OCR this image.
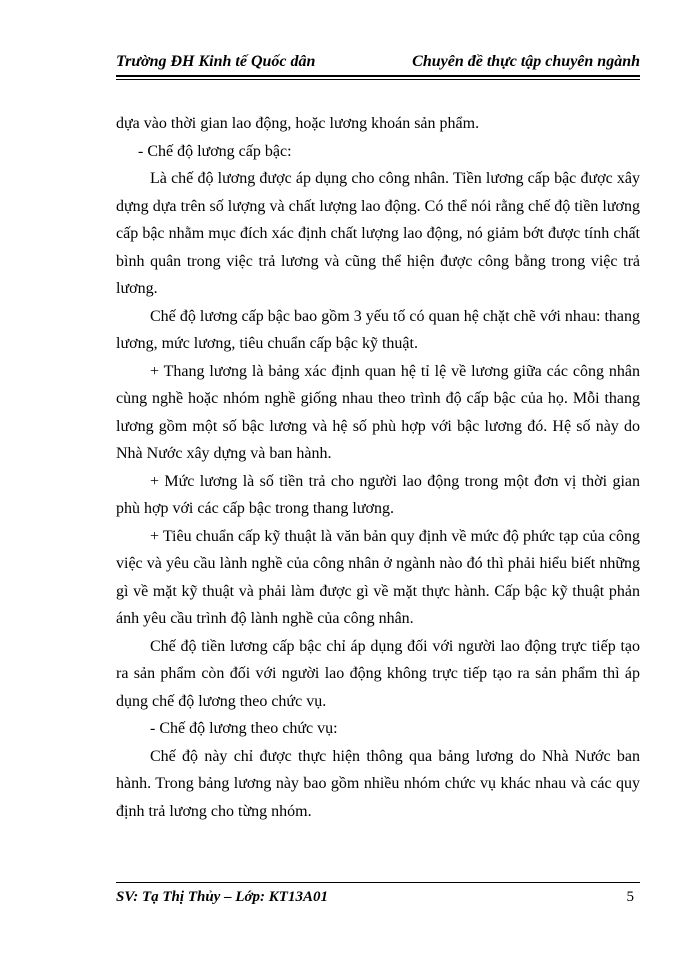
Trường ĐH Kinh tế Quốc dân	Chuyên đề thực tập chuyên ngành

dựa vào thời gian lao động, hoặc lương khoán sản phẩm.

- Chế độ lương cấp bậc:

Là chế độ lương được áp dụng cho công nhân. Tiền lương cấp bậc được xây dựng dựa trên số lượng và chất lượng lao động. Có thể nói rằng chế độ tiền lương cấp bậc nhằm mục đích xác định chất lượng lao động, nó giảm bớt được tính chất bình quân trong việc trả lương và cũng thể hiện được công bằng trong việc trả lương.

Chế độ lương cấp bậc bao gồm 3 yếu tố có quan hệ chặt chẽ với nhau: thang lương, mức lương, tiêu chuẩn cấp bậc kỹ thuật.

+ Thang lương là bảng xác định quan hệ tỉ lệ về lương giữa các công nhân cùng nghề hoặc nhóm nghề giống nhau theo trình độ cấp bậc của họ. Mỗi thang lương gồm một số bậc lương và hệ số phù hợp với bậc lương đó. Hệ số này do Nhà Nước xây dựng và ban hành.

+ Mức lương là số tiền trả cho người lao động trong một đơn vị thời gian phù hợp với các cấp bậc trong thang lương.

+ Tiêu chuẩn cấp kỹ thuật là văn bản quy định về mức độ phức tạp của công việc và yêu cầu lành nghề của công nhân ở ngành nào đó thì phải hiểu biết những gì về mặt kỹ thuật và phải làm được gì về mặt thực hành. Cấp bậc kỹ thuật phản ánh yêu cầu trình độ lành nghề của công nhân.

Chế độ tiền lương cấp bậc chỉ áp dụng đối với người lao động trực tiếp tạo ra sản phẩm còn đối với người lao động không trực tiếp tạo ra sản phẩm thì áp dụng chế độ lương theo chức vụ.

- Chế độ lương theo chức vụ:

Chế độ này chỉ được thực hiện thông qua bảng lương do Nhà Nước ban hành. Trong bảng lương này bao gồm nhiều nhóm chức vụ khác nhau và các quy định trả lương cho từng nhóm.

SV: Tạ Thị Thủy – Lớp: KT13A01	5
